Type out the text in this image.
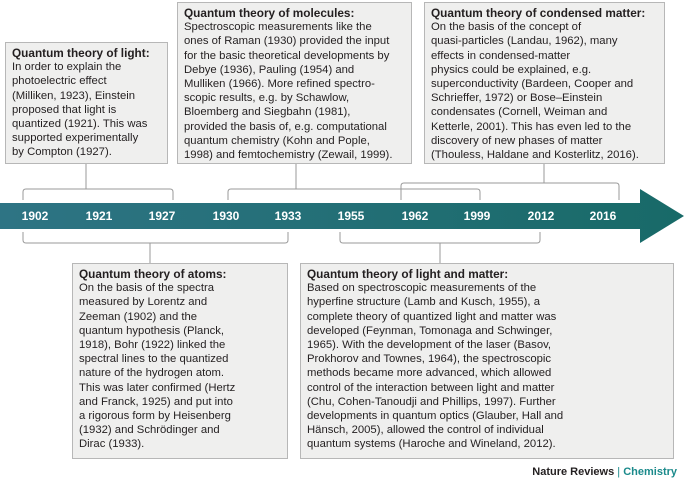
1902	1921	1927	1930	1933	1955	1962	1999	2012	2016
Quantum theory of light:
In order to explain the
photoelectric effect
(Milliken, 1923), Einstein
proposed that light is
quantized (1921). This was
supported experimentally
by Compton (1927).
Quantum theory of molecules:
Spectroscopic measurements like the
ones of Raman (1930) provided the input
for the basic theoretical developments by
Debye (1936), Pauling (1954) and
Mulliken (1966). More refined spectro-
scopic results, e.g. by Schawlow,
Bloemberg and Siegbahn (1981),
provided the basis of, e.g. computational
quantum chemistry (Kohn and Pople,
1998) and femtochemistry (Zewail, 1999).
Quantum theory of condensed matter:
On the basis of the concept of
quasi-particles (Landau, 1962), many
effects in condensed-matter
physics could be explained, e.g.
superconductivity (Bardeen, Cooper and
Schrieffer, 1972) or Bose–Einstein
condensates (Cornell, Weiman and
Ketterle, 2001). This has even led to the
discovery of new phases of matter
(Thouless, Haldane and Kosterlitz, 2016).
Quantum theory of atoms:
On the basis of the spectra
measured by Lorentz and
Zeeman (1902) and the
quantum hypothesis (Planck,
1918), Bohr (1922) linked the
spectral lines to the quantized
nature of the hydrogen atom.
This was later confirmed (Hertz
and Franck, 1925) and put into
a rigorous form by Heisenberg
(1932) and Schrödinger and
Dirac (1933).
Quantum theory of light and matter:
Based on spectroscopic measurements of the
hyperfine structure (Lamb and Kusch, 1955), a
complete theory of quantized light and matter was
developed (Feynman, Tomonaga and Schwinger,
1965). With the development of the laser (Basov,
Prokhorov and Townes, 1964), the spectroscopic
methods became more advanced, which allowed
control of the interaction between light and matter
(Chu, Cohen-Tanoudji and Phillips, 1997). Further
developments in quantum optics (Glauber, Hall and
Hänsch, 2005), allowed the control of individual
quantum systems (Haroche and Wineland, 2012).
Nature Reviews | Chemistry
